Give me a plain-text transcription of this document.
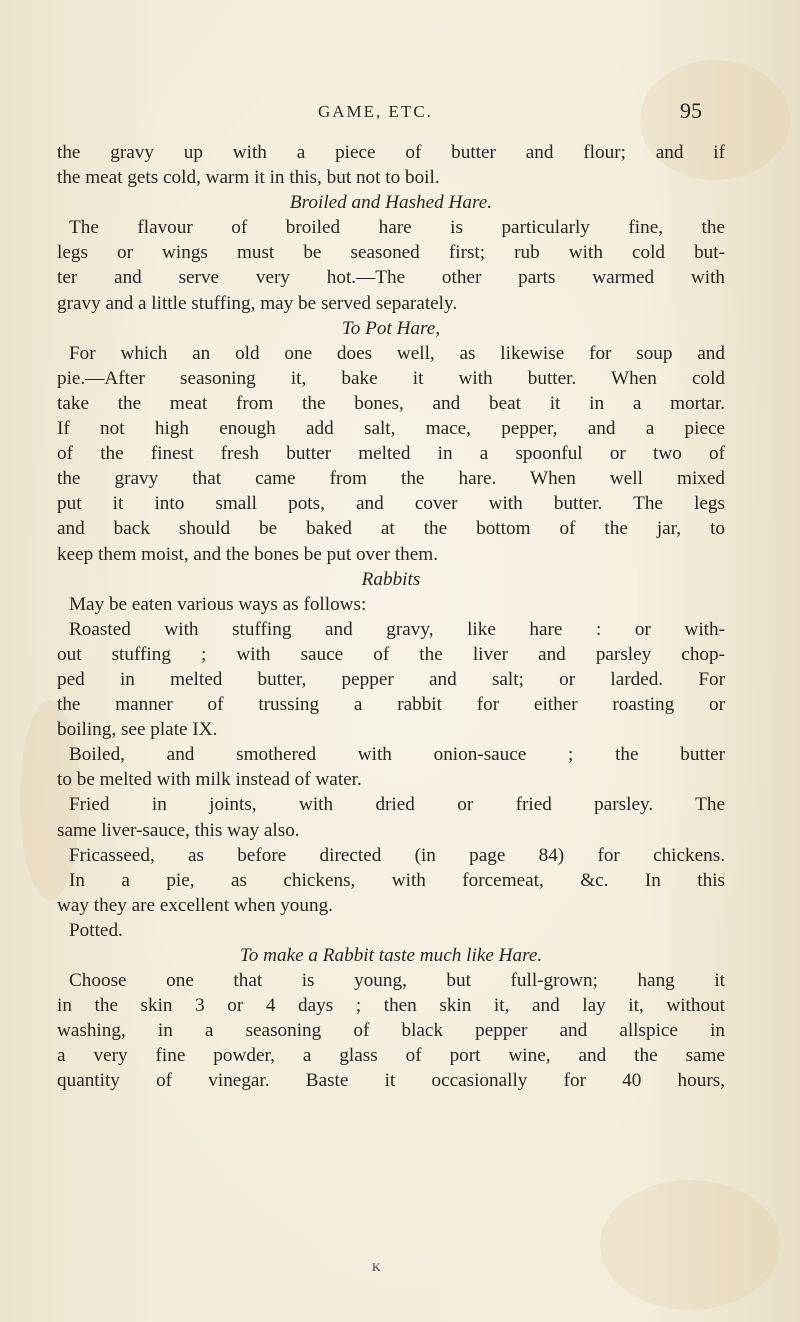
GAME, ETC.	95
the gravy up with a piece of butter and flour; and if
the meat gets cold, warm it in this, but not to boil.
Broiled and Hashed Hare.
The flavour of broiled hare is particularly fine, the
legs or wings must be seasoned first; rub with cold but-
ter and serve very hot.—The other parts warmed with
gravy and a little stuffing, may be served separately.
To Pot Hare,
For which an old one does well, as likewise for soup and
pie.—After seasoning it, bake it with butter. When cold
take the meat from the bones, and beat it in a mortar.
If not high enough add salt, mace, pepper, and a piece
of the finest fresh butter melted in a spoonful or two of
the gravy that came from the hare. When well mixed
put it into small pots, and cover with butter. The legs
and back should be baked at the bottom of the jar, to
keep them moist, and the bones be put over them.
Rabbits
May be eaten various ways as follows:
Roasted with stuffing and gravy, like hare : or with-
out stuffing ; with sauce of the liver and parsley chop-
ped in melted butter, pepper and salt; or larded. For
the manner of trussing a rabbit for either roasting or
boiling, see plate IX.
Boiled, and smothered with onion-sauce ; the butter
to be melted with milk instead of water.
Fried in joints, with dried or fried parsley. The
same liver-sauce, this way also.
Fricasseed, as before directed (in page 84) for chickens.
In a pie, as chickens, with forcemeat, &c. In this
way they are excellent when young.
Potted.
To make a Rabbit taste much like Hare.
Choose one that is young, but full-grown; hang it
in the skin 3 or 4 days ; then skin it, and lay it, without
washing, in a seasoning of black pepper and allspice in
a very fine powder, a glass of port wine, and the same
quantity of vinegar. Baste it occasionally for 40 hours,
K
